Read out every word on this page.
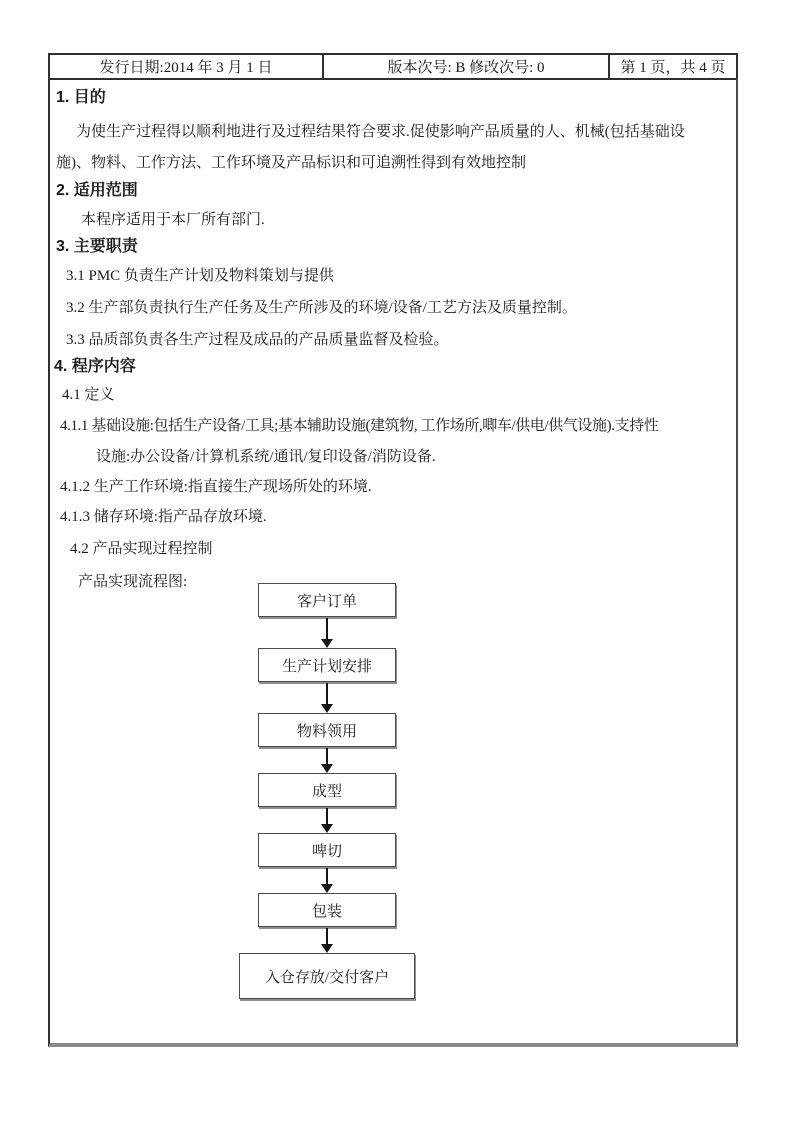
发行日期:2014 年 3 月 1 日	版本次号: B 修改次号: 0	第 1 页，共 4 页
1. 目的
为使生产过程得以顺利地进行及过程结果符合要求.促使影响产品质量的人、机械(包括基础设
施)、物料、工作方法、工作环境及产品标识和可追溯性得到有效地控制
2. 适用范围
本程序适用于本厂所有部门.
3. 主要职责
3.1 PMC 负责生产计划及物料策划与提供
3.2 生产部负责执行生产任务及生产所涉及的环境/设备/工艺方法及质量控制。
3.3 品质部负责各生产过程及成品的产品质量监督及检验。
4. 程序内容
4.1 定义
4.1.1 基础设施:包括生产设备/工具;基本辅助设施(建筑物, 工作场所,唧车/供电/供气设施).支持性
设施:办公设备/计算机系统/通讯/复印设备/消防设备.
4.1.2 生产工作环境:指直接生产现场所处的环境.
4.1.3 储存环境:指产品存放环境.
4.2 产品实现过程控制
产品实现流程图:
客户订单
生产计划安排
物料领用
成型
啤切
包装
入仓存放/交付客户
